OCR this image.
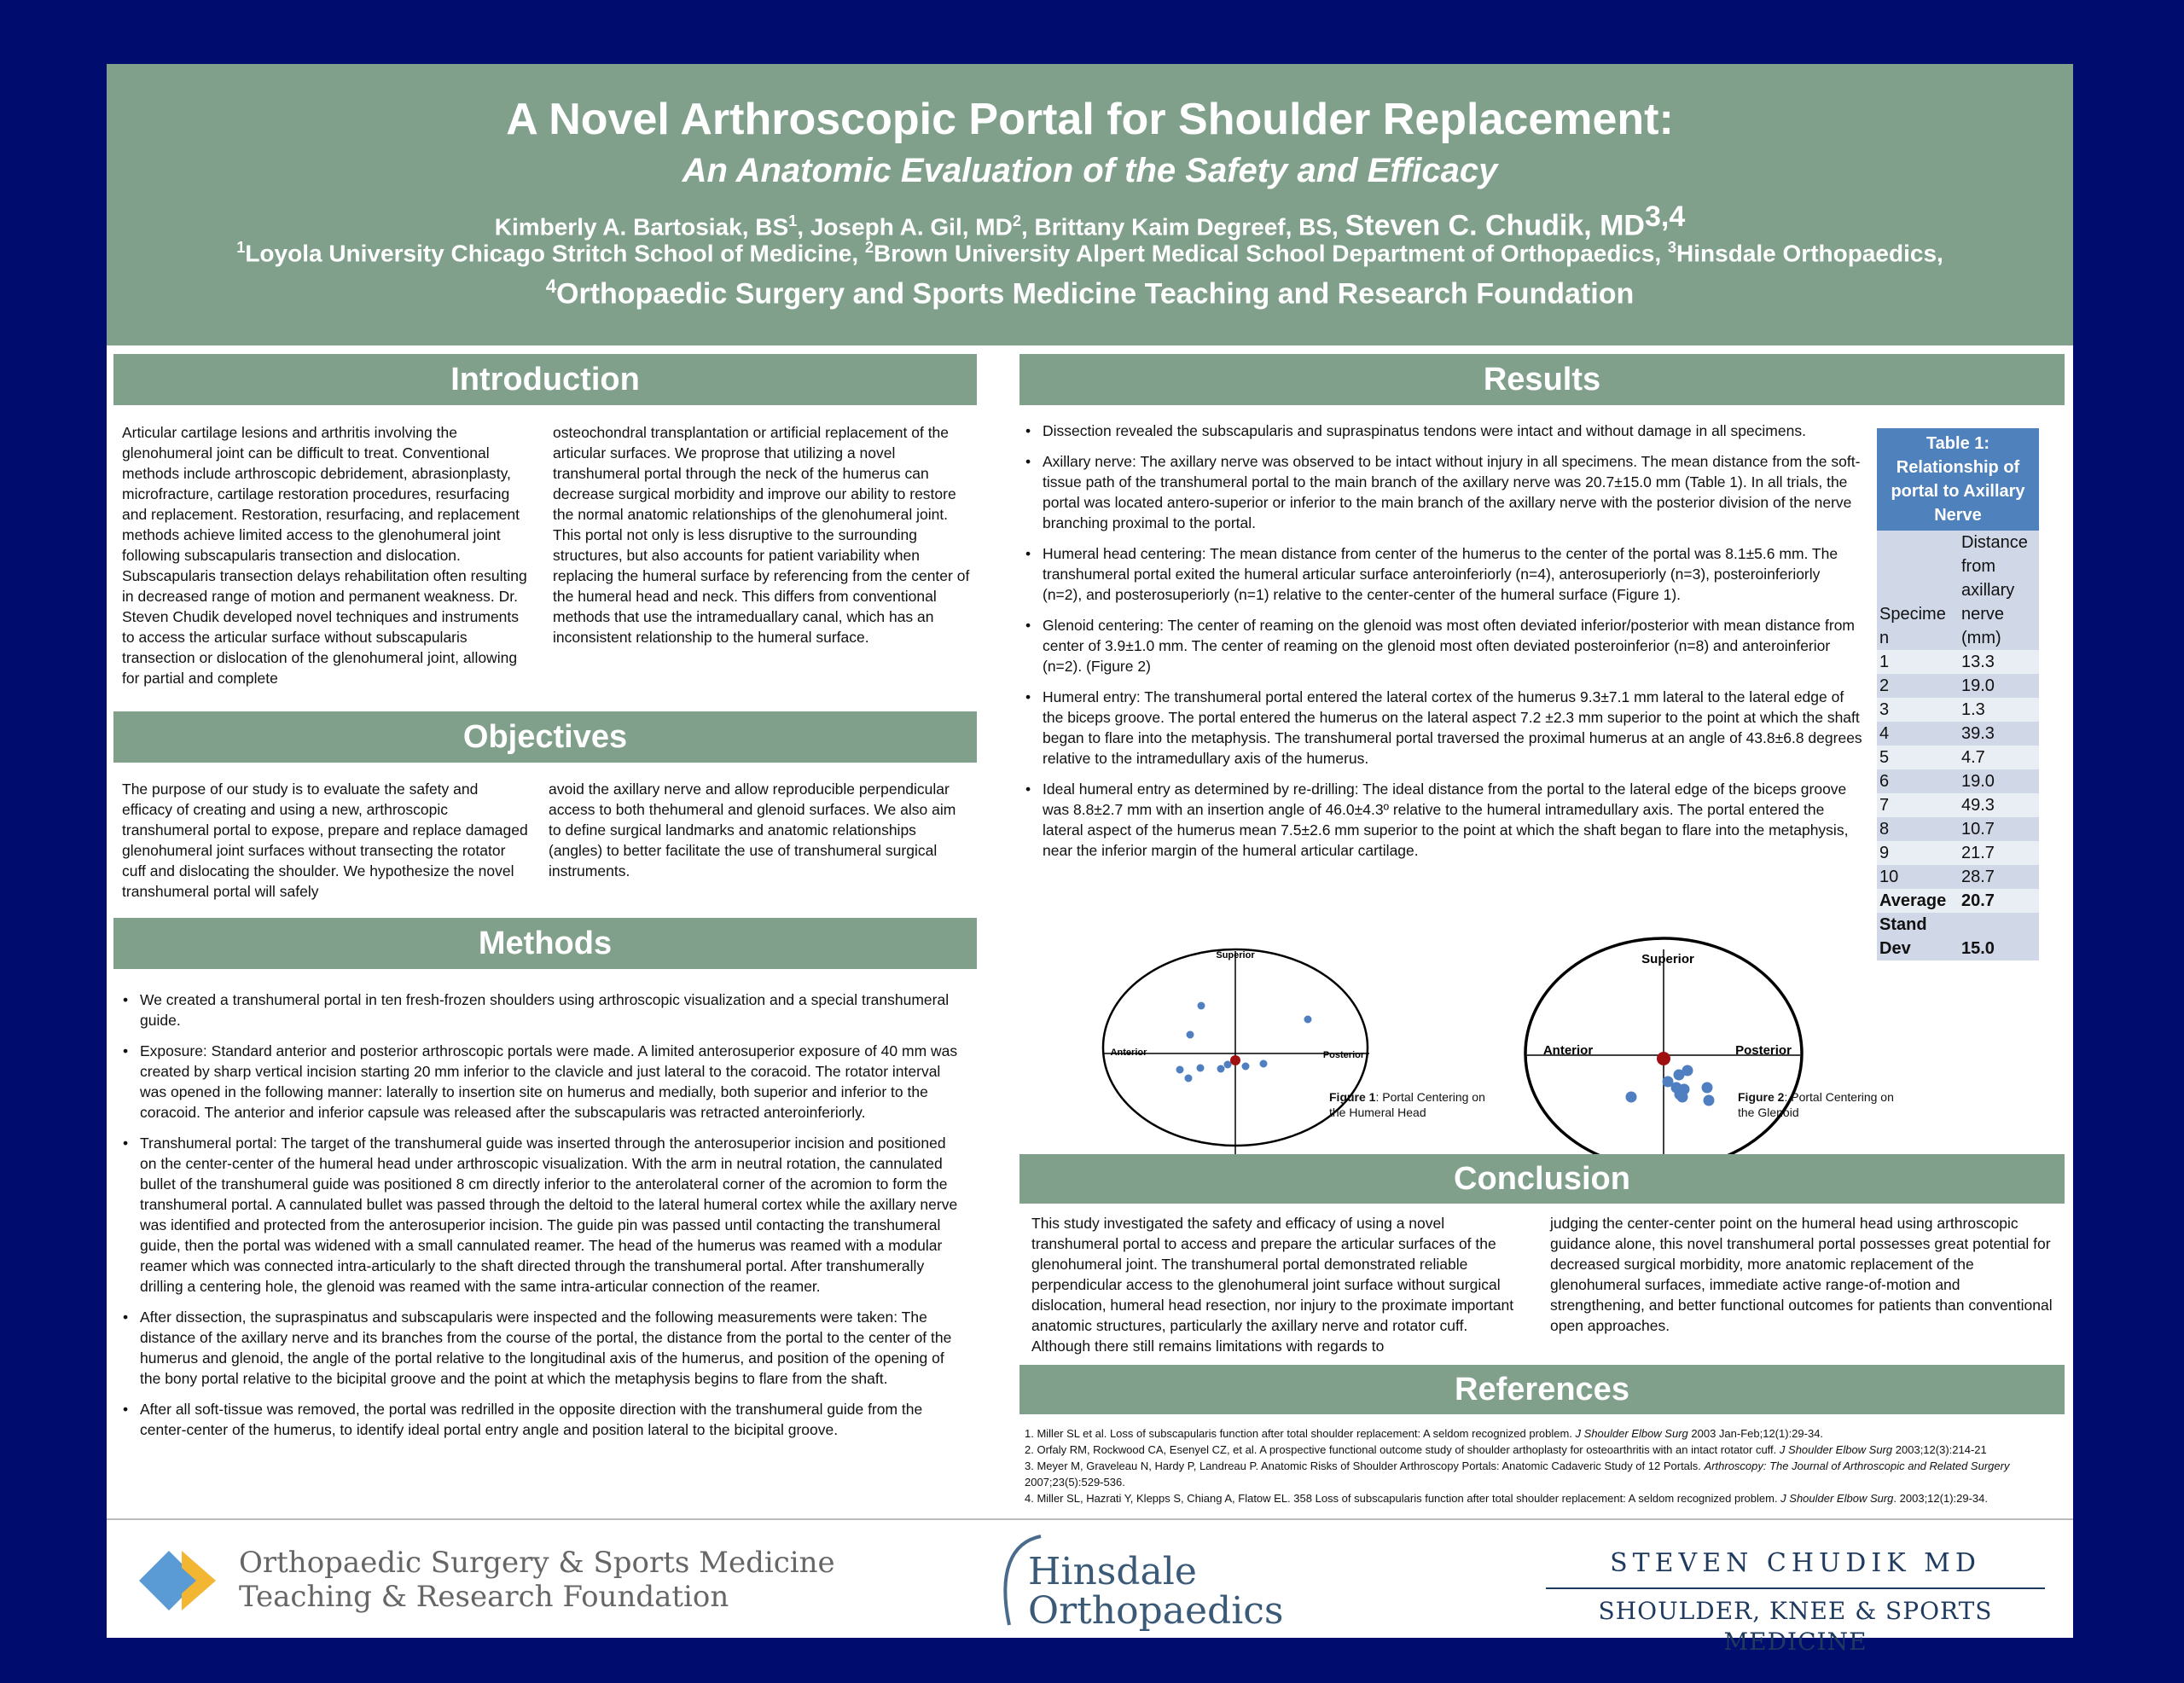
A Novel Arthroscopic Portal for Shoulder Replacement:
An Anatomic Evaluation of the Safety and Efficacy
Kimberly A. Bartosiak, $BS^1$, Joseph A. Gil, $MD^2$, Brittany Kaim Degreef, BS, Steven C. Chudik, MD$^{3,4}$
$^1$Loyola University Chicago Stritch School of Medicine, $^2$Brown University Alpert Medical School Department of Orthopaedics, $^3$Hinsdale Orthopaedics,
$^4$Orthopaedic Surgery and Sports Medicine Teaching and Research Foundation
Introduction
Articular cartilage lesions and arthritis involving the glenohumeral joint can be difficult to treat. Conventional methods include arthroscopic debridement, abrasionplasty, microfracture, cartilage restoration procedures, resurfacing and replacement. Restoration, resurfacing, and replacement methods achieve limited access to the glenohumeral joint following subscapularis transection and dislocation. Subscapularis transection delays rehabilitation often resulting in decreased range of motion and permanent weakness. Dr. Steven Chudik developed novel techniques and instruments to access the articular surface without subscapularis transection or dislocation of the glenohumeral joint, allowing for partial and complete
osteochondral transplantation or artificial replacement of the articular surfaces. We proprose that utilizing a novel transhumeral portal through the neck of the humerus can decrease surgical morbidity and improve our ability to restore the normal anatomic relationships of the glenohumeral joint. This portal not only is less disruptive to the surrounding structures, but also accounts for patient variability when replacing the humeral surface by referencing from the center of the humeral head and neck. This differs from conventional methods that use the intrameduallary canal, which has an inconsistent relationship to the humeral surface.
Objectives
The purpose of our study is to evaluate the safety and efficacy of creating and using a new, arthroscopic transhumeral portal to expose, prepare and replace damaged glenohumeral joint surfaces without transecting the rotator cuff and dislocating the shoulder. We hypothesize the novel transhumeral portal will safely
avoid the axillary nerve and allow reproducible perpendicular access to both thehumeral and glenoid surfaces. We also aim to define surgical landmarks and anatomic relationships (angles) to better facilitate the use of transhumeral surgical instruments.
Methods
• We created a transhumeral portal in ten fresh-frozen shoulders using arthroscopic visualization and a special transhumeral guide.
• Exposure: Standard anterior and posterior arthroscopic portals were made. A limited anterosuperior exposure of 40 mm was created by sharp vertical incision starting 20 mm inferior to the clavicle and just lateral to the coracoid. The rotator interval was opened in the following manner: laterally to insertion site on humerus and medially, both superior and inferior to the coracoid. The anterior and inferior capsule was released after the subscapularis was retracted anteroinferiorly.
• Transhumeral portal: The target of the transhumeral guide was inserted through the anterosuperior incision and positioned on the center-center of the humeral head under arthroscopic visualization. With the arm in neutral rotation, the cannulated bullet of the transhumeral guide was positioned 8 cm directly inferior to the anterolateral corner of the acromion to form the transhumeral portal. A cannulated bullet was passed through the deltoid to the lateral humeral cortex while the axillary nerve was identified and protected from the anterosuperior incision. The guide pin was passed until contacting the transhumeral guide, then the portal was widened with a small cannulated reamer. The head of the humerus was reamed with a modular reamer which was connected intra-articularly to the shaft directed through the transhumeral portal. After transhumerally drilling a centering hole, the glenoid was reamed with the same intra-articular connection of the reamer.
• After dissection, the supraspinatus and subscapularis were inspected and the following measurements were taken: The distance of the axillary nerve and its branches from the course of the portal, the distance from the portal to the center of the humerus and glenoid, the angle of the portal relative to the longitudinal axis of the humerus, and position of the opening of the bony portal relative to the bicipital groove and the point at which the metaphysis begins to flare from the shaft.
• After all soft-tissue was removed, the portal was redrilled in the opposite direction with the transhumeral guide from the center-center of the humerus, to identify ideal portal entry angle and position lateral to the bicipital groove.
Results
• Dissection revealed the subscapularis and supraspinatus tendons were intact and without damage in all specimens.
• Axillary nerve: The axillary nerve was observed to be intact without injury in all specimens. The mean distance from the soft-tissue path of the transhumeral portal to the main branch of the axillary nerve was 20.7±15.0 mm (Table 1). In all trials, the portal was located antero-superior or inferior to the main branch of the axillary nerve with the posterior division of the nerve branching proximal to the portal.
• Humeral head centering: The mean distance from center of the humerus to the center of the portal was 8.1±5.6 mm. The transhumeral portal exited the humeral articular surface anteroinferiorly (n=4), anterosuperiorly (n=3), posteroinferiorly (n=2), and posterosuperiorly (n=1) relative to the center-center of the humeral surface (Figure 1).
• Glenoid centering: The center of reaming on the glenoid was most often deviated inferior/posterior with mean distance from center of 3.9±1.0 mm. The center of reaming on the glenoid most often deviated posteroinferior (n=8) and anteroinferior (n=2). (Figure 2)
• Humeral entry: The transhumeral portal entered the lateral cortex of the humerus 9.3±7.1 mm lateral to the lateral edge of the biceps groove. The portal entered the humerus on the lateral aspect 7.2 ±2.3 mm superior to the point at which the shaft began to flare into the metaphysis. The transhumeral portal traversed the proximal humerus at an angle of 43.8±6.8 degrees relative to the intramedullary axis of the humerus.
• Ideal humeral entry as determined by re-drilling: The ideal distance from the portal to the lateral edge of the biceps groove was 8.8±2.7 mm with an insertion angle of 46.0±4.3º relative to the humeral intramedullary axis. The portal entered the lateral aspect of the humerus mean 7.5±2.6 mm superior to the point at which the shaft began to flare into the metaphysis, near the inferior margin of the humeral articular cartilage.
Table 1: Relationship of portal to Axillary Nerve
Specime n	Distance from axillary nerve (mm)
1	13.3
2	19.0
3	1.3
4	39.3
5	4.7
6	19.0
7	49.3
8	10.7
9	21.7
10	28.7
Average	20.7
Stand Dev	15.0
Superior
Anterior	Posterior
Figure 1: Portal Centering on the Humeral Head
Superior
Anterior	Posterior
Figure 2: Portal Centering on the Glenoid
Conclusion
This study investigated the safety and efficacy of using a novel transhumeral portal to access and prepare the articular surfaces of the glenohumeral joint. The transhumeral portal demonstrated reliable perpendicular access to the glenohumeral joint surface without surgical dislocation, humeral head resection, nor injury to the proximate important anatomic structures, particularly the axillary nerve and rotator cuff. Although there still remains limitations with regards to
judging the center-center point on the humeral head using arthroscopic guidance alone, this novel transhumeral portal possesses great potential for decreased surgical morbidity, more anatomic replacement of the glenohumeral surfaces, immediate active range-of-motion and strengthening, and better functional outcomes for patients than conventional open approaches.
References
1. Miller SL et al. Loss of subscapularis function after total shoulder replacement: A seldom recognized problem. J Shoulder Elbow Surg 2003 Jan-Feb;12(1):29-34.
2. Orfaly RM, Rockwood CA, Esenyel CZ, et al. A prospective functional outcome study of shoulder arthoplasty for osteoarthritis with an intact rotator cuff. J Shoulder Elbow Surg 2003;12(3):214-21
3. Meyer M, Graveleau N, Hardy P, Landreau P. Anatomic Risks of Shoulder Arthroscopy Portals: Anatomic Cadaveric Study of 12 Portals. Arthroscopy: The Journal of Arthroscopic and Related Surgery 2007;23(5):529-536.
4. Miller SL, Hazrati Y, Klepps S, Chiang A, Flatow EL. 358 Loss of subscapularis function after total shoulder replacement: A seldom recognized problem. J Shoulder Elbow Surg. 2003;12(1):29-34.
Orthopaedic Surgery & Sports Medicine
Teaching & Research Foundation
Hinsdale
Orthopaedics
STEVEN CHUDIK MD
SHOULDER, KNEE & SPORTS MEDICINE
